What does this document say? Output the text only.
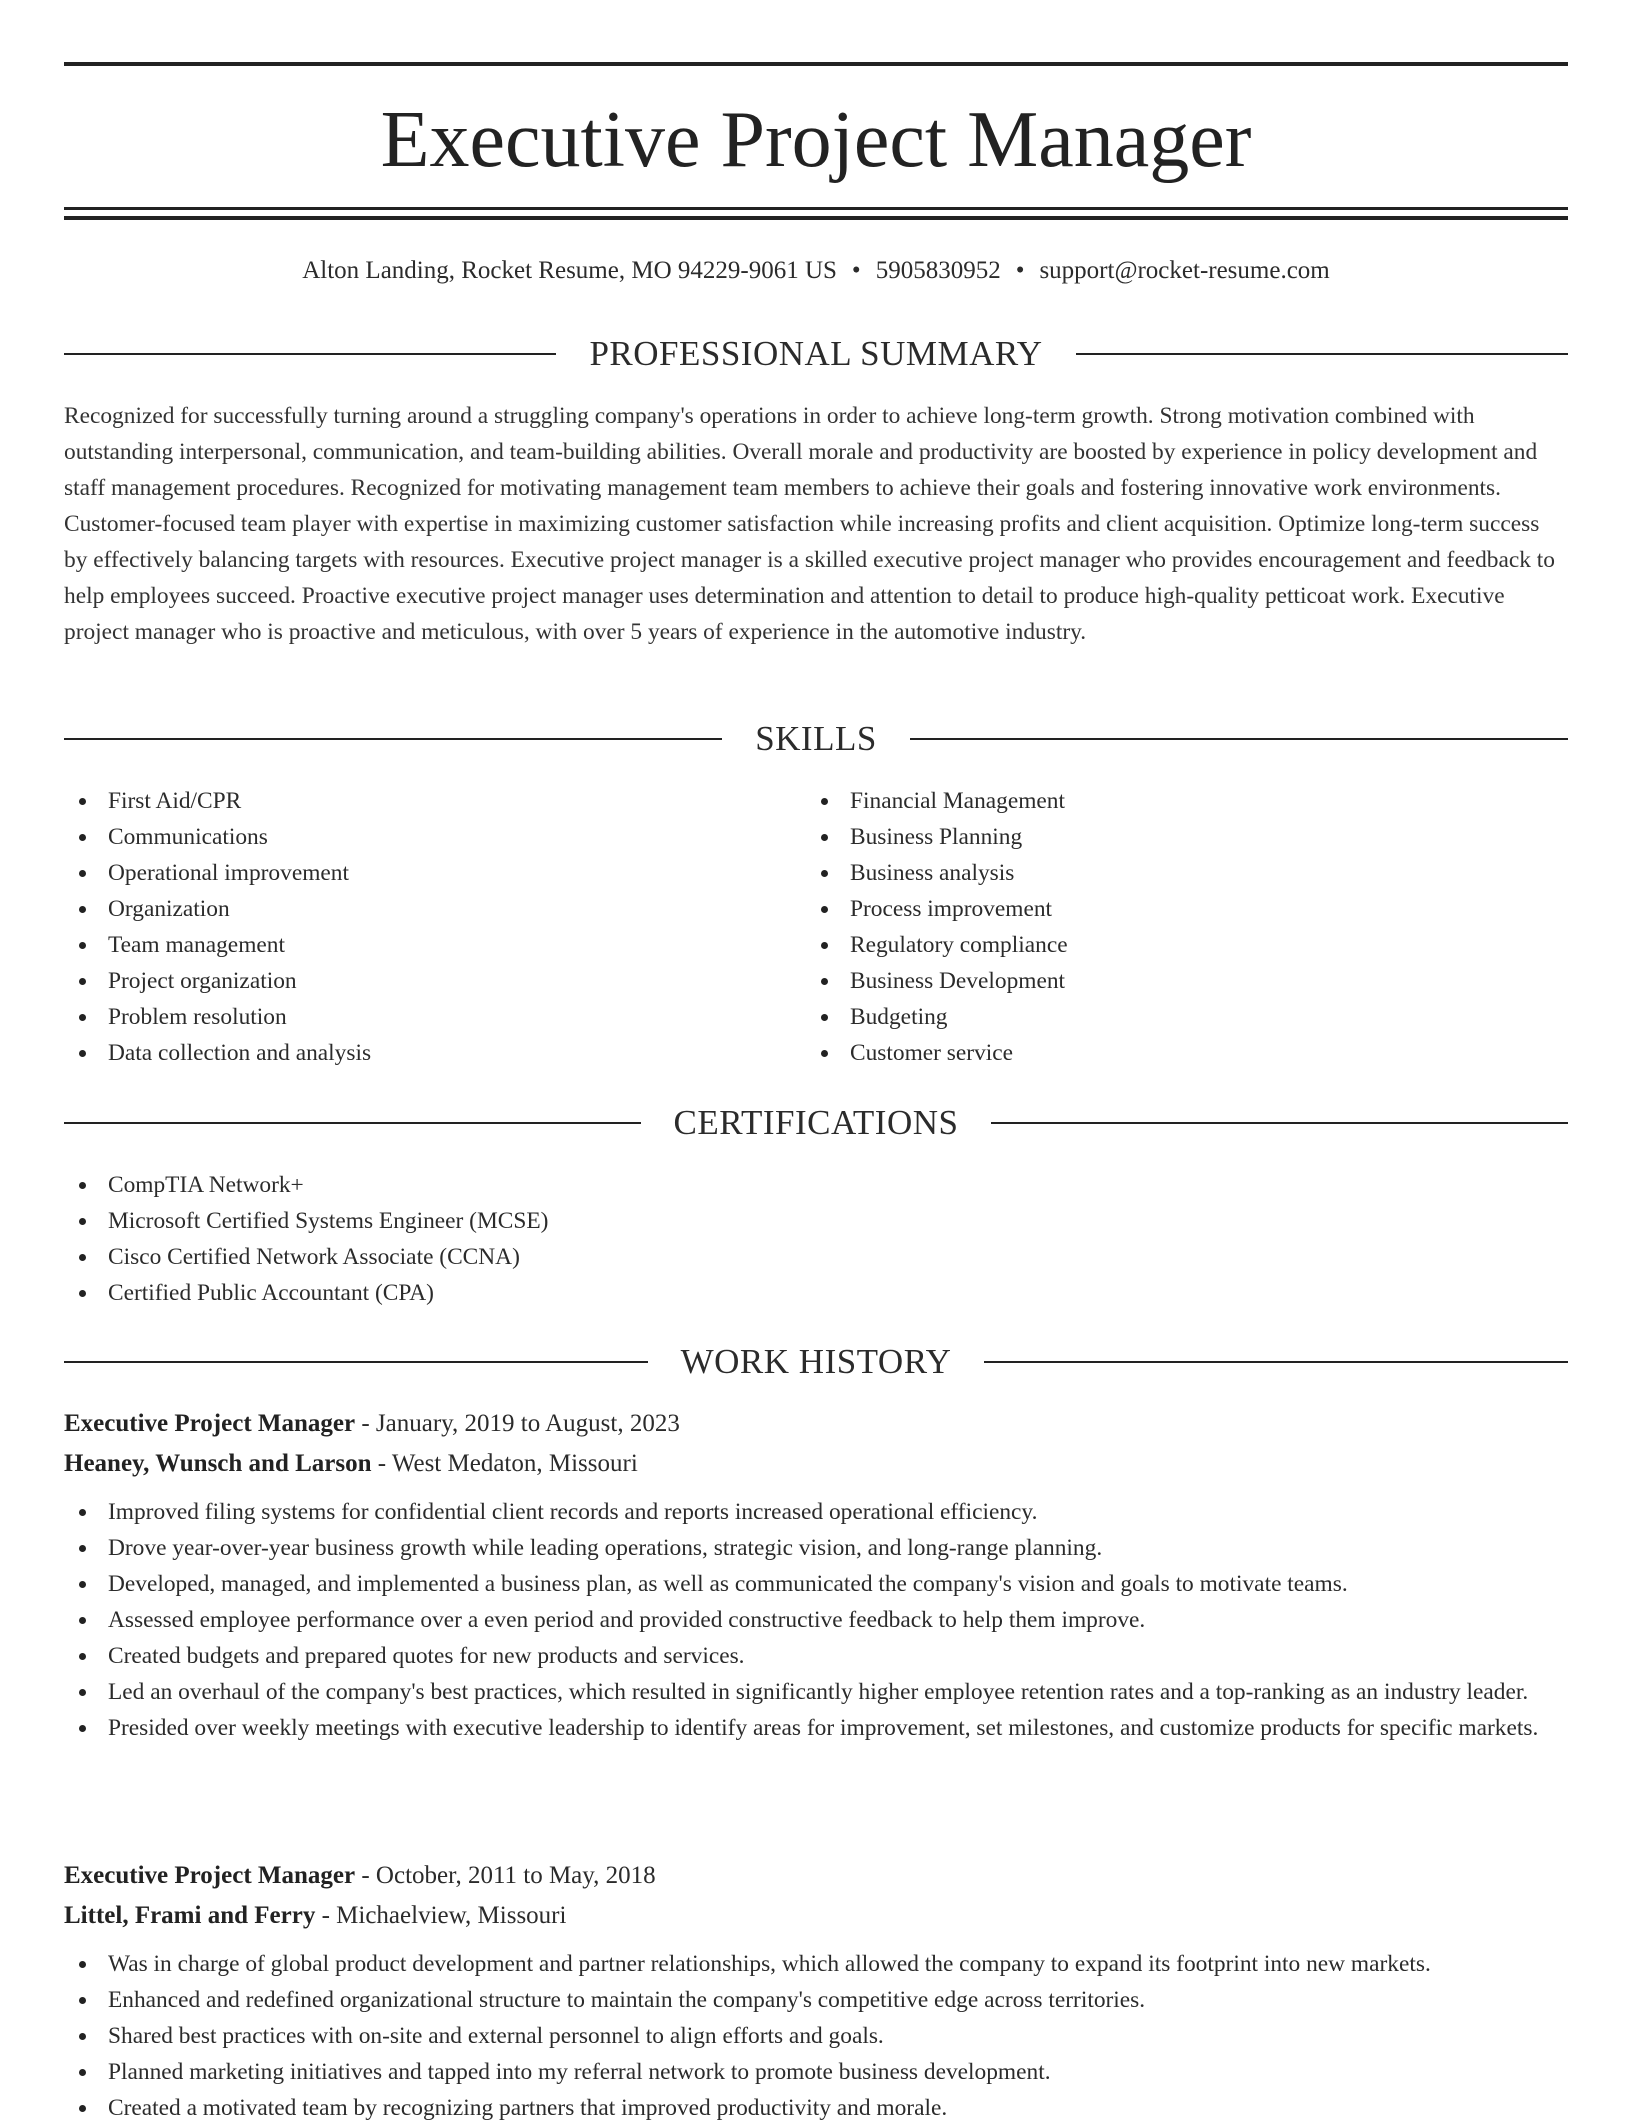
Executive Project Manager
Alton Landing, Rocket Resume, MO 94229-9061 US • 5905830952 • support@rocket-resume.com
PROFESSIONAL SUMMARY

Recognized for successfully turning around a struggling company's operations in order to achieve long-term growth. Strong motivation combined with outstanding interpersonal, communication, and team-building abilities. Overall morale and productivity are boosted by experience in policy development and staff management procedures. Recognized for motivating management team members to achieve their goals and fostering innovative work environments. Customer-focused team player with expertise in maximizing customer satisfaction while increasing profits and client acquisition. Optimize long-term success by effectively balancing targets with resources. Executive project manager is a skilled executive project manager who provides encouragement and feedback to help employees succeed. Proactive executive project manager uses determination and attention to detail to produce high-quality petticoat work. Executive project manager who is proactive and meticulous, with over 5 years of experience in the automotive industry.

SKILLS
First Aid/CPR
Communications
Operational improvement
Organization
Team management
Project organization
Problem resolution
Data collection and analysis
Financial Management
Business Planning
Business analysis
Process improvement
Regulatory compliance
Business Development
Budgeting
Customer service
CERTIFICATIONS
CompTIA Network+
Microsoft Certified Systems Engineer (MCSE)
Cisco Certified Network Associate (CCNA)
Certified Public Accountant (CPA)
WORK HISTORY
Executive Project Manager - January, 2019 to August, 2023
Heaney, Wunsch and Larson - West Medaton, Missouri
Improved filing systems for confidential client records and reports increased operational efficiency.
Drove year-over-year business growth while leading operations, strategic vision, and long-range planning.
Developed, managed, and implemented a business plan, as well as communicated the company's vision and goals to motivate teams.
Assessed employee performance over a even period and provided constructive feedback to help them improve.
Created budgets and prepared quotes for new products and services.
Led an overhaul of the company's best practices, which resulted in significantly higher employee retention rates and a top-ranking as an industry leader.
Presided over weekly meetings with executive leadership to identify areas for improvement, set milestones, and customize products for specific markets.
Executive Project Manager - October, 2011 to May, 2018
Littel, Frami and Ferry - Michaelview, Missouri
Was in charge of global product development and partner relationships, which allowed the company to expand its footprint into new markets.
Enhanced and redefined organizational structure to maintain the company's competitive edge across territories.
Shared best practices with on-site and external personnel to align efforts and goals.
Planned marketing initiatives and tapped into my referral network to promote business development.
Created a motivated team by recognizing partners that improved productivity and morale.
